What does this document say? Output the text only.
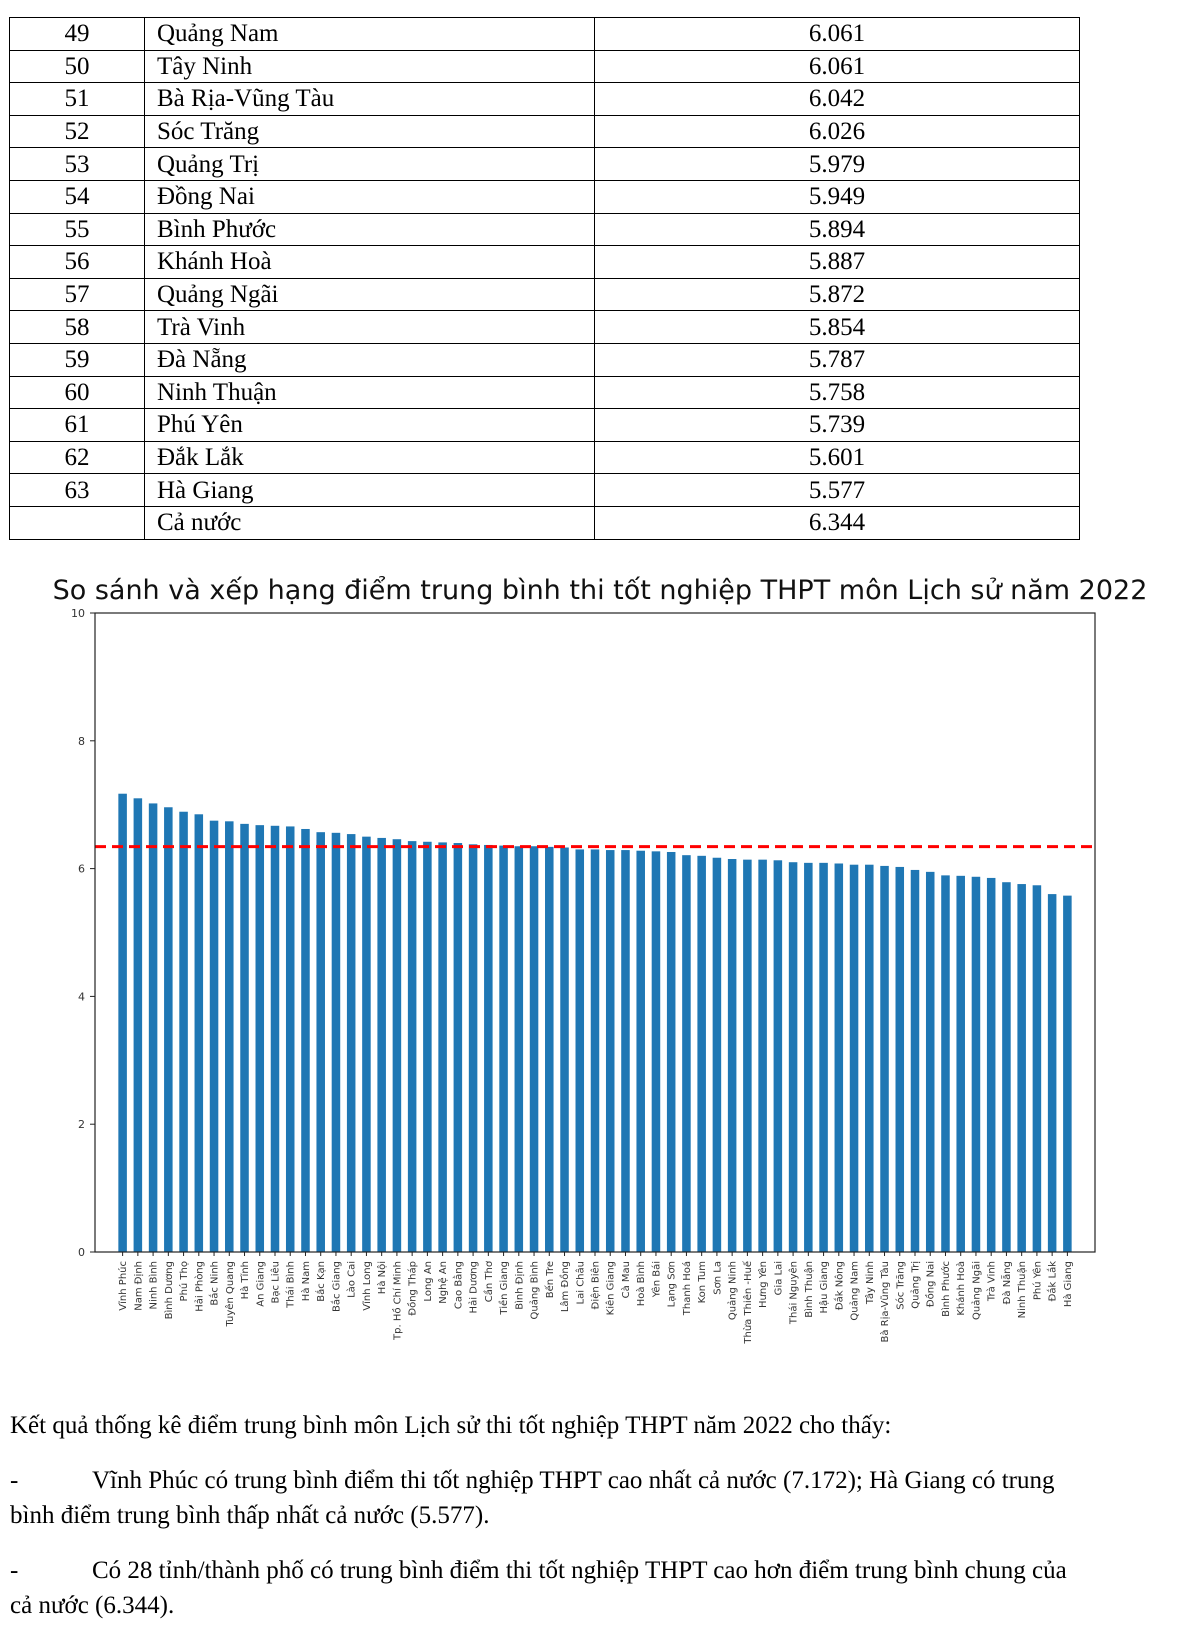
49	Quảng Nam	6.061
50	Tây Ninh	6.061
51	Bà Rịa-Vũng Tàu	6.042
52	Sóc Trăng	6.026
53	Quảng Trị	5.979
54	Đồng Nai	5.949
55	Bình Phước	5.894
56	Khánh Hoà	5.887
57	Quảng Ngãi	5.872
58	Trà Vinh	5.854
59	Đà Nẵng	5.787
60	Ninh Thuận	5.758
61	Phú Yên	5.739
62	Đắk Lắk	5.601
63	Hà Giang	5.577
	Cả nước	6.344
So sánh và xếp hạng điểm trung bình thi tốt nghiệp THPT môn Lịch sử năm 2022
0
2
4
6
8
10
Vĩnh Phúc Nam Định Ninh Bình Bình Dương Phú Thọ Hải Phòng Bắc Ninh Tuyên Quang Hà Tĩnh An Giang Bạc Liêu Thái Bình Hà Nam Bắc Kạn Bắc Giang Lào Cai Vĩnh Long Hà Nội Tp. Hồ Chí Minh Đồng Tháp Long An Nghệ An Cao Bằng Hải Dương Cần Thơ Tiền Giang Bình Định Quảng Bình Bến Tre Lâm Đồng Lai Châu Điện Biên Kiên Giang Cà Mau Hoà Bình Yên Bái Lạng Sơn Thanh Hoá Kon Tum Sơn La Quảng Ninh Thừa Thiên -Huế Hưng Yên Gia Lai Thái Nguyên Bình Thuận Hậu Giang Đắk Nông Quảng Nam Tây Ninh Bà Rịa-Vũng Tàu Sóc Trăng Quảng Trị Đồng Nai Bình Phước Khánh Hoà Quảng Ngãi Trà Vinh Đà Nẵng Ninh Thuận Phú Yên Đắk Lắk Hà Giang

Kết quả thống kê điểm trung bình môn Lịch sử thi tốt nghiệp THPT năm 2022 cho thấy:

-	Vĩnh Phúc có trung bình điểm thi tốt nghiệp THPT cao nhất cả nước (7.172); Hà Giang có trung bình điểm trung bình thấp nhất cả nước (5.577).

-	Có 28 tỉnh/thành phố có trung bình điểm thi tốt nghiệp THPT cao hơn điểm trung bình chung của cả nước (6.344).
